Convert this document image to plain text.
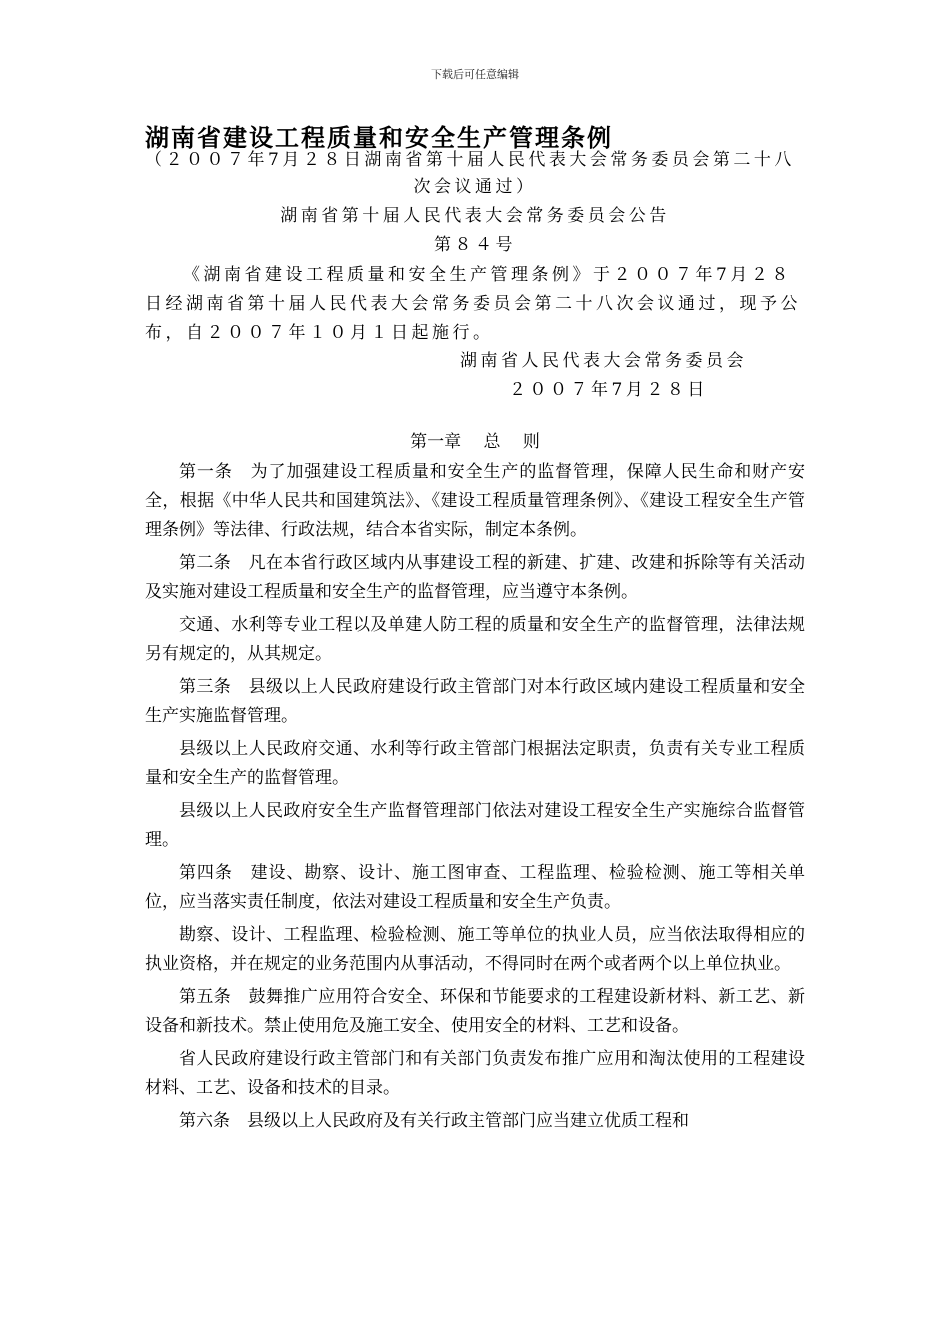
下载后可任意编辑
湖南省建设工程质量和安全生产管理条例
（２００７年7月２８日湖南省第十届人民代表大会常务委员会第二十八
次会议通过）
湖南省第十届人民代表大会常务委员会公告
第８４号
《湖南省建设工程质量和安全生产管理条例》于２００７年7月２８
日经湖南省第十届人民代表大会常务委员会第二十八次会议通过，现予公
布，自２００７年１０月１日起施行。
湖南省人民代表大会常务委员会
２００７年7月２８日
第一章　 总　 则

第一条　为了加强建设工程质量和安全生产的监督管理，保障人民生命和财产安全，根据《中华人民共和国建筑法》、《建设工程质量管理条例》、《建设工程安全生产管理条例》等法律、行政法规，结合本省实际，制定本条例。

第二条　凡在本省行政区域内从事建设工程的新建、扩建、改建和拆除等有关活动及实施对建设工程质量和安全生产的监督管理，应当遵守本条例。

交通、水利等专业工程以及单建人防工程的质量和安全生产的监督管理，法律法规另有规定的，从其规定。

第三条　县级以上人民政府建设行政主管部门对本行政区域内建设工程质量和安全生产实施监督管理。

县级以上人民政府交通、水利等行政主管部门根据法定职责，负责有关专业工程质量和安全生产的监督管理。

县级以上人民政府安全生产监督管理部门依法对建设工程安全生产实施综合监督管理。

第四条　建设、勘察、设计、施工图审查、工程监理、检验检测、施工等相关单位，应当落实责任制度，依法对建设工程质量和安全生产负责。

勘察、设计、工程监理、检验检测、施工等单位的执业人员，应当依法取得相应的执业资格，并在规定的业务范围内从事活动，不得同时在两个或者两个以上单位执业。

第五条　鼓舞推广应用符合安全、环保和节能要求的工程建设新材料、新工艺、新设备和新技术。禁止使用危及施工安全、使用安全的材料、工艺和设备。

省人民政府建设行政主管部门和有关部门负责发布推广应用和淘汰使用的工程建设材料、工艺、设备和技术的目录。

第六条　县级以上人民政府及有关行政主管部门应当建立优质工程和
